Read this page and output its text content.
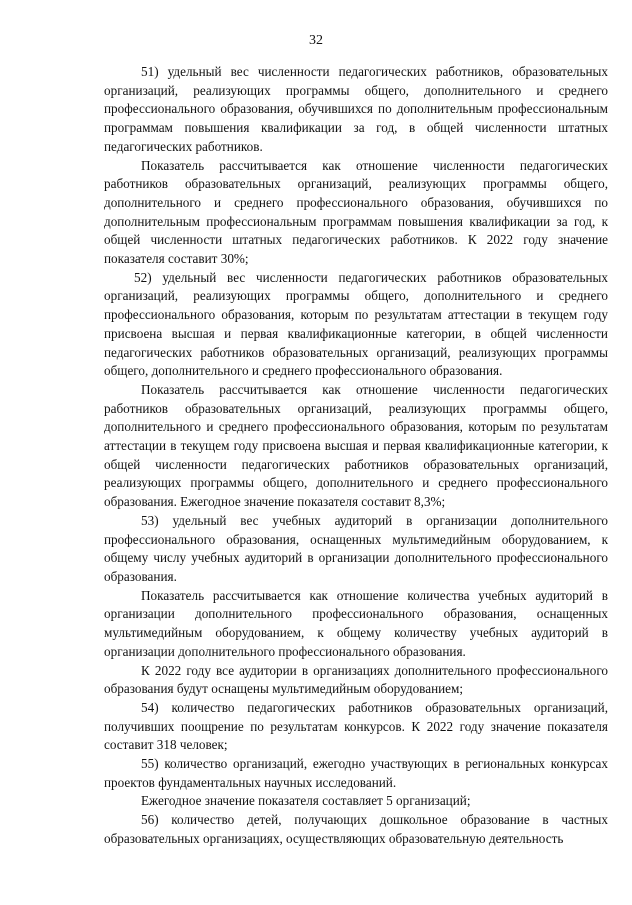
32

51) удельный вес численности педагогических работников, образовательных организаций, реализующих программы общего, дополнительного и среднего профессионального образования, обучившихся по дополнительным профессиональным программам повышения квалификации за год, в общей численности штатных педагогических работников.

Показатель рассчитывается как отношение численности педагогических работников образовательных организаций, реализующих программы общего, дополнительного и среднего профессионального образования, обучившихся по дополнительным профессиональным программам повышения квалификации за год, к общей численности штатных педагогических работников. К 2022 году значение показателя составит 30%;

52) удельный вес численности педагогических работников образовательных организаций, реализующих программы общего, дополнительного и среднего профессионального образования, которым по результатам аттестации в текущем году присвоена высшая и первая квалификационные категории, в общей численности педагогических работников образовательных организаций, реализующих программы общего, дополнительного и среднего профессионального образования.

Показатель рассчитывается как отношение численности педагогических работников образовательных организаций, реализующих программы общего, дополнительного и среднего профессионального образования, которым по результатам аттестации в текущем году присвоена высшая и первая квалификационные категории, к общей численности педагогических работников образовательных организаций, реализующих программы общего, дополнительного и среднего профессионального образования. Ежегодное значение показателя составит 8,3%;

53) удельный вес учебных аудиторий в организации дополнительного профессионального образования, оснащенных мультимедийным оборудованием, к общему числу учебных аудиторий в организации дополнительного профессионального образования.

Показатель рассчитывается как отношение количества учебных аудиторий в организации дополнительного профессионального образования, оснащенных мультимедийным оборудованием, к общему количеству учебных аудиторий в организации дополнительного профессионального образования.

К 2022 году все аудитории в организациях дополнительного профессионального образования будут оснащены мультимедийным оборудованием;

54) количество педагогических работников образовательных организаций, получивших поощрение по результатам конкурсов. К 2022 году значение показателя составит 318 человек;

55) количество организаций, ежегодно участвующих в региональных конкурсах проектов фундаментальных научных исследований.

Ежегодное значение показателя составляет 5 организаций;

56) количество детей, получающих дошкольное образование в частных образовательных организациях, осуществляющих образовательную деятельность
